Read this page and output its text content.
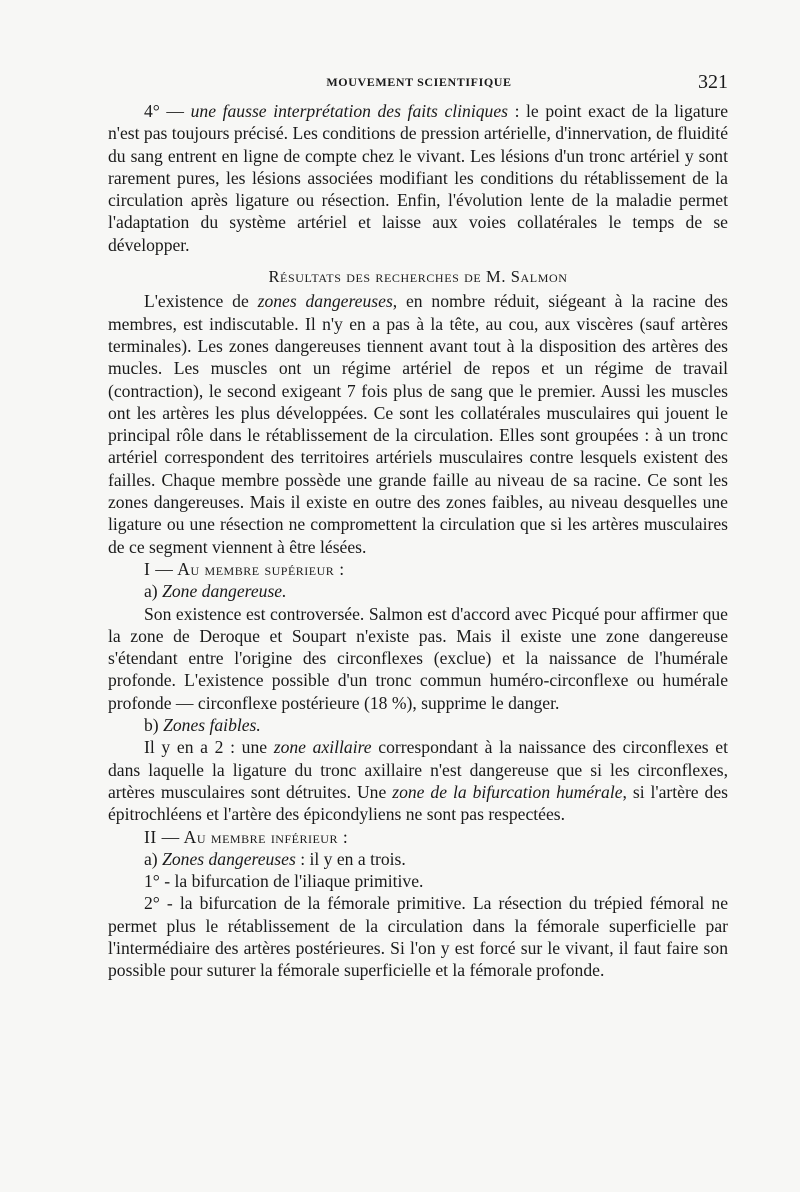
MOUVEMENT SCIENTIFIQUE	321

4° — une fausse interprétation des faits cliniques : le point exact de la ligature n'est pas toujours précisé. Les conditions de pression artérielle, d'innervation, de fluidité du sang entrent en ligne de compte chez le vivant. Les lésions d'un tronc artériel y sont rarement pures, les lésions associées modifiant les conditions du rétablissement de la circulation après ligature ou résection. Enfin, l'évolution lente de la maladie permet l'adaptation du système artériel et laisse aux voies collatérales le temps de se développer.

Résultats des recherches de M. Salmon

L'existence de zones dangereuses, en nombre réduit, siégeant à la racine des membres, est indiscutable. Il n'y en a pas à la tête, au cou, aux viscères (sauf artères terminales). Les zones dangereuses tiennent avant tout à la disposition des artères des mucles. Les muscles ont un régime artériel de repos et un régime de travail (contraction), le second exigeant 7 fois plus de sang que le premier. Aussi les muscles ont les artères les plus développées. Ce sont les collatérales musculaires qui jouent le principal rôle dans le rétablissement de la circulation. Elles sont groupées : à un tronc artériel correspondent des territoires artériels musculaires contre lesquels existent des failles. Chaque membre possède une grande faille au niveau de sa racine. Ce sont les zones dangereuses. Mais il existe en outre des zones faibles, au niveau desquelles une ligature ou une résection ne compromettent la circulation que si les artères musculaires de ce segment viennent à être lésées.

I — Au membre supérieur :

a) Zone dangereuse.

Son existence est controversée. Salmon est d'accord avec Picqué pour affirmer que la zone de Deroque et Soupart n'existe pas. Mais il existe une zone dangereuse s'étendant entre l'origine des circonflexes (exclue) et la naissance de l'humérale profonde. L'existence possible d'un tronc commun huméro-circonflexe ou humérale profonde — circonflexe postérieure (18 %), supprime le danger.

b) Zones faibles.

Il y en a 2 : une zone axillaire correspondant à la naissance des circonflexes et dans laquelle la ligature du tronc axillaire n'est dangereuse que si les circonflexes, artères musculaires sont détruites. Une zone de la bifurcation humérale, si l'artère des épitrochléens et l'artère des épicondyliens ne sont pas respectées.

II — Au membre inférieur :

a) Zones dangereuses : il y en a trois.

1° - la bifurcation de l'iliaque primitive.

2° - la bifurcation de la fémorale primitive. La résection du trépied fémoral ne permet plus le rétablissement de la circulation dans la fémorale superficielle par l'intermédiaire des artères postérieures. Si l'on y est forcé sur le vivant, il faut faire son possible pour suturer la fémorale superficielle et la fémorale profonde.
